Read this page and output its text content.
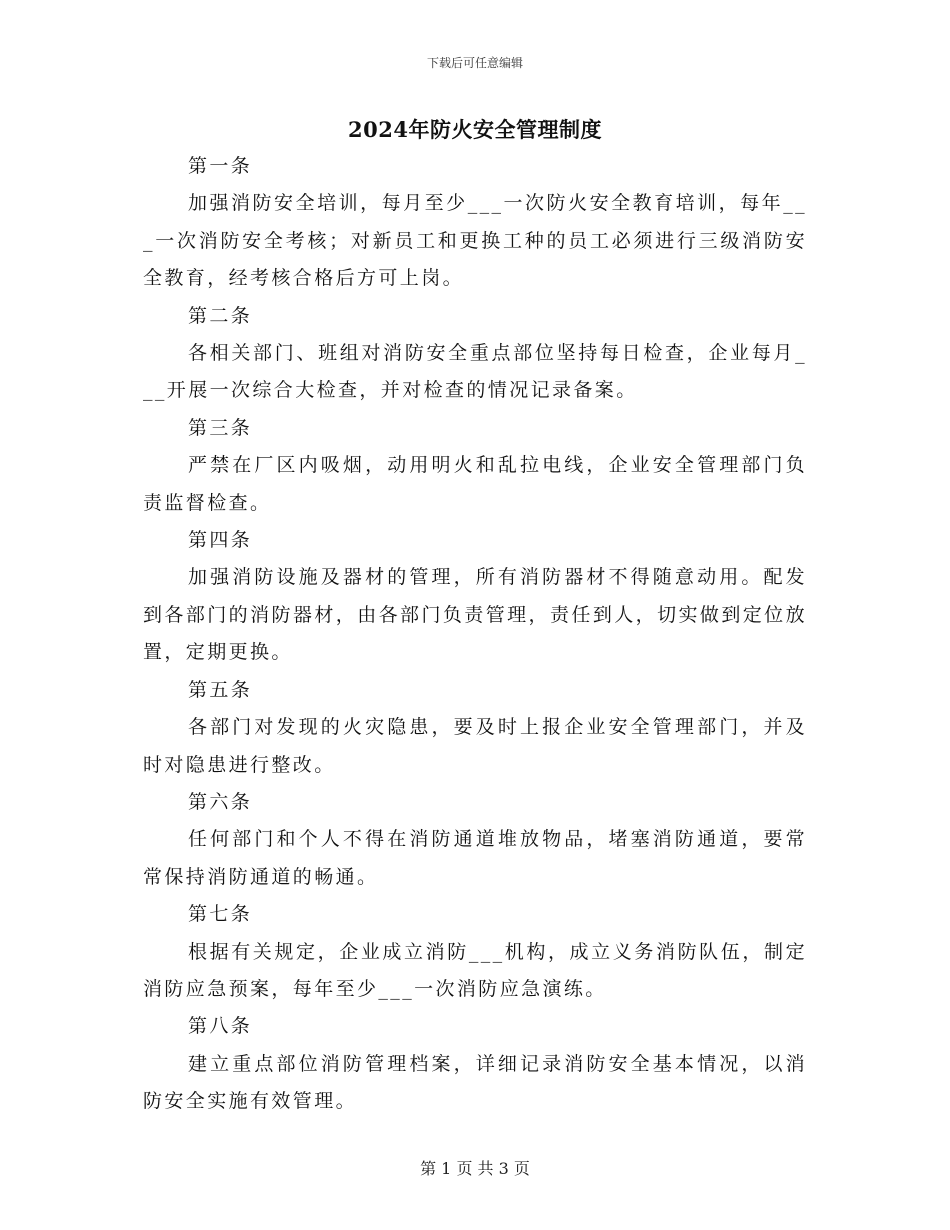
下载后可任意编辑
2024年防火安全管理制度

第一条

加强消防安全培训，每月至少___一次防火安全教育培训，每年___一次消防安全考核；对新员工和更换工种的员工必须进行三级消防安全教育，经考核合格后方可上岗。

第二条

各相关部门、班组对消防安全重点部位坚持每日检查，企业每月___开展一次综合大检查，并对检查的情况记录备案。

第三条

严禁在厂区内吸烟，动用明火和乱拉电线，企业安全管理部门负责监督检查。

第四条

加强消防设施及器材的管理，所有消防器材不得随意动用。配发到各部门的消防器材，由各部门负责管理，责任到人，切实做到定位放置，定期更换。

第五条

各部门对发现的火灾隐患，要及时上报企业安全管理部门，并及时对隐患进行整改。

第六条

任何部门和个人不得在消防通道堆放物品，堵塞消防通道，要常常保持消防通道的畅通。

第七条

根据有关规定，企业成立消防___机构，成立义务消防队伍，制定消防应急预案，每年至少___一次消防应急演练。

第八条

建立重点部位消防管理档案，详细记录消防安全基本情况，以消防安全实施有效管理。

第 1 页 共 3 页
